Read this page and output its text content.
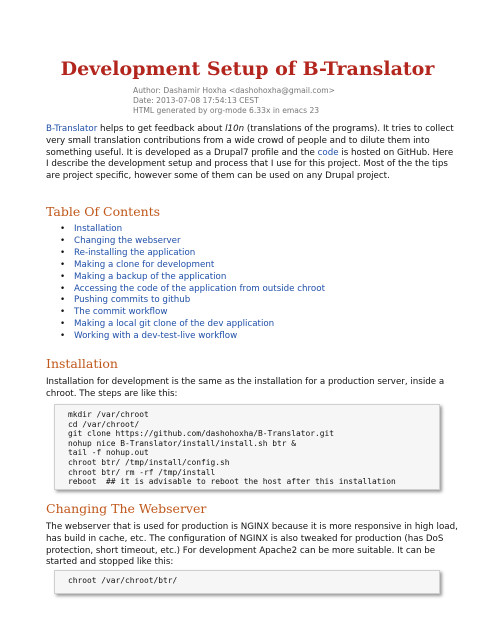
Development Setup of B-Translator
Author: Dashamir Hoxha <dashohoxha@gmail.com>
Date: 2013-07-08 17:54:13 CEST
HTML generated by org-mode 6.33x in emacs 23

B-Translator helps to get feedback about l10n (translations of the programs). It tries to collect very small translation contributions from a wide crowd of people and to dilute them into something useful. It is developed as a Drupal7 profile and the code is hosted on GitHub. Here I describe the development setup and process that I use for this project. Most of the the tips are project specific, however some of them can be used on any Drupal project.

Table Of Contents
• Installation
• Changing the webserver
• Re-installing the application
• Making a clone for development
• Making a backup of the application
• Accessing the code of the application from outside chroot
• Pushing commits to github
• The commit workflow
• Making a local git clone of the dev application
• Working with a dev-test-live workflow
Installation

Installation for development is the same as the installation for a production server, inside a chroot. The steps are like this:

mkdir /var/chroot
cd /var/chroot/
git clone https://github.com/dashohoxha/B-Translator.git
nohup nice B-Translator/install/install.sh btr &
tail -f nohup.out
chroot btr/ /tmp/install/config.sh
chroot btr/ rm -rf /tmp/install
reboot  ## it is advisable to reboot the host after this installation
Changing The Webserver

The webserver that is used for production is NGINX because it is more responsive in high load, has build in cache, etc. The configuration of NGINX is also tweaked for production (has DoS protection, short timeout, etc.) For development Apache2 can be more suitable. It can be started and stopped like this:

chroot /var/chroot/btr/
